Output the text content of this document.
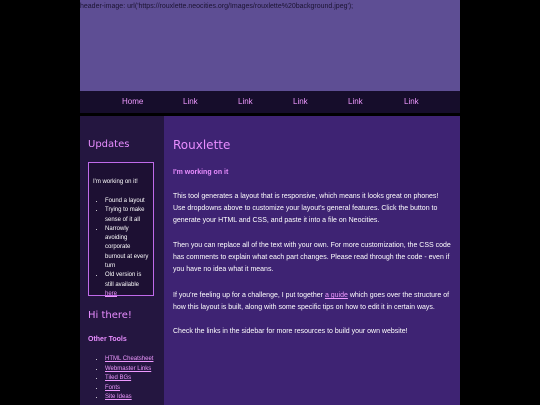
header-image: url('https://rouxlette.neocities.org/Images/rouxlette%20background.jpeg');
Home	Link	Link	Link	Link	Link
Updates
I'm working on it!
• Found a layout
• Trying to make sense of it all
• Narrowly avoiding corporate burnout at every turn
• Old version is still available here
Hi there!
Other Tools
• HTML Cheatsheet
• Webmaster Links
• Tiled BGs
• Fonts
• Site Ideas
Rouxlette
I'm working on it

This tool generates a layout that is responsive, which means it looks great on phones! Use dropdowns above to customize your layout's general features. Click the button to generate your HTML and CSS, and paste it into a file on Neocities.

Then you can replace all of the text with your own. For more customization, the CSS code has comments to explain what each part changes. Please read through the code - even if you have no idea what it means.

If you're feeling up for a challenge, I put together a guide which goes over the structure of how this layout is built, along with some specific tips on how to edit it in certain ways.

Check the links in the sidebar for more resources to build your own website!
